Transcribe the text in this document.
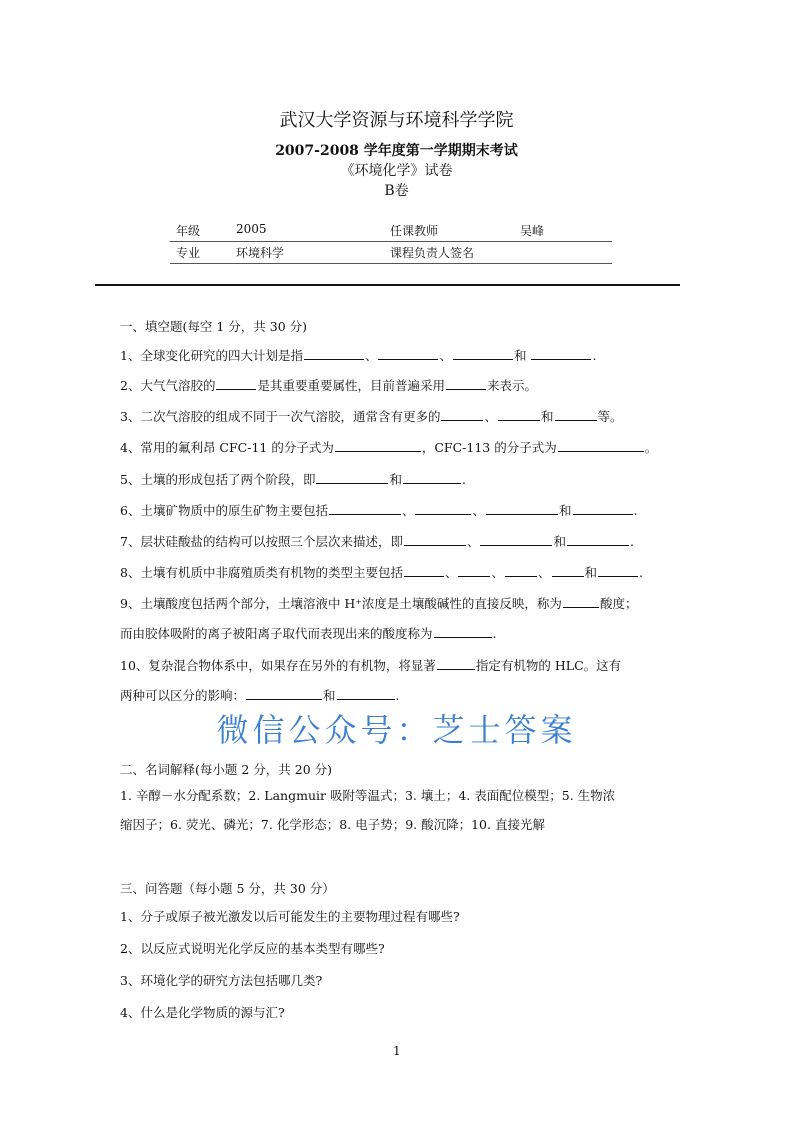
武汉大学资源与环境科学学院
2007-2008 学年度第一学期期末考试
《环境化学》试卷
B卷
年级	2005	任课教师	吴峰
专业	环境科学	课程负责人签名
一、填空题(每空 1 分，共 30 分)
1、全球变化研究的四大计划是指	、	、	和	.
2、大气气溶胶的	是其重要重要属性，目前普遍采用	来表示。
3、二次气溶胶的组成不同于一次气溶胶，通常含有更多的	、	和	等。
4、常用的氟利昂 CFC-11 的分子式为	，CFC-113 的分子式为	。
5、土壤的形成包括了两个阶段，即	和	.
6、土壤矿物质中的原生矿物主要包括	、	、	和	.
7、层状硅酸盐的结构可以按照三个层次来描述，即	、	和	.
8、土壤有机质中非腐殖质类有机物的类型主要包括	、	、	、	和	.
9、土壤酸度包括两个部分，土壤溶液中 H⁺浓度是土壤酸碱性的直接反映，称为	酸度；
而由胶体吸附的离子被阳离子取代而表现出来的酸度称为	.
10、复杂混合物体系中，如果存在另外的有机物，将显著	指定有机物的 HLC。这有
两种可以区分的影响：	和	.
微信公众号：芝士答案
二、名词解释(每小题 2 分，共 20 分)
1. 辛醇－水分配系数；2. Langmuir 吸附等温式；3. 壤土；4. 表面配位模型；5. 生物浓
缩因子；6. 荧光、磷光；7. 化学形态；8. 电子势；9. 酸沉降；10. 直接光解
三、问答题（每小题 5 分，共 30 分）
1、分子或原子被光激发以后可能发生的主要物理过程有哪些?
2、以反应式说明光化学反应的基本类型有哪些?
3、环境化学的研究方法包括哪几类?
4、什么是化学物质的源与汇?
1
